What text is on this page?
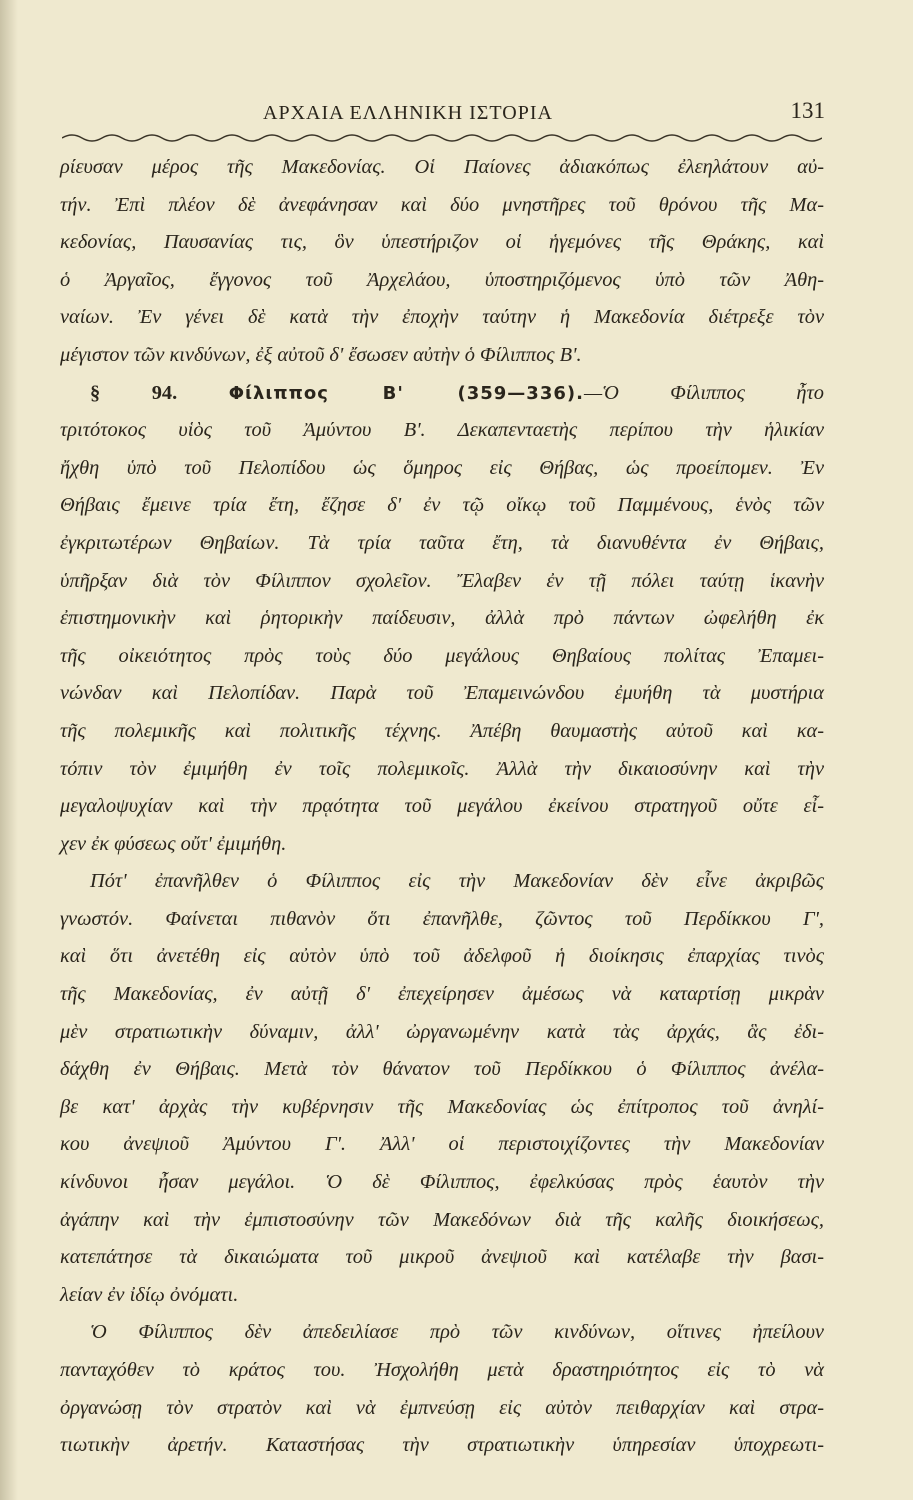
ΑΡΧΑΙΑ ΕΛΛΗΝΙΚΗ ΙΣΤΟΡΙΑ	131
ρίευσαν μέρος τῆς Μακεδονίας. Οἱ Παίονες ἀδιακόπως ἐλεηλάτουν αὐ-
τήν. Ἐπὶ πλέον δὲ ἀνεφάνησαν καὶ δύο μνηστῆρες τοῦ θρόνου τῆς Μα-
κεδονίας, Παυσανίας τις, ὃν ὑπεστήριζον οἱ ἡγεμόνες τῆς Θράκης, καὶ
ὁ Ἀργαῖος, ἔγγονος τοῦ Ἀρχελάου, ὑποστηριζόμενος ὑπὸ τῶν Ἀθη-
ναίων. Ἐν γένει δὲ κατὰ τὴν ἐποχὴν ταύτην ἡ Μακεδονία διέτρεξε τὸν
μέγιστον τῶν κινδύνων, ἐξ αὐτοῦ δ' ἔσωσεν αὐτὴν ὁ Φίλιππος Β'.
§ 94.	Φίλιππος Β' (359—336).—Ὁ Φίλιππος ἦτο
τριτότοκος υἱὸς τοῦ Ἀμύντου Β'. Δεκαπενταετὴς περίπου τὴν ἡλικίαν
ἤχθη ὑπὸ τοῦ Πελοπίδου ὡς ὅμηρος εἰς Θήβας, ὡς προείπομεν. Ἐν
Θήβαις ἔμεινε τρία ἔτη, ἔζησε δ' ἐν τῷ οἴκῳ τοῦ Παμμένους, ἑνὸς τῶν
ἐγκριτωτέρων Θηβαίων. Τὰ τρία ταῦτα ἔτη, τὰ διανυθέντα ἐν Θήβαις,
ὑπῆρξαν διὰ τὸν Φίλιππον σχολεῖον. Ἔλαβεν ἐν τῇ πόλει ταύτῃ ἱκανὴν
ἐπιστημονικὴν καὶ ῥητορικὴν παίδευσιν, ἀλλὰ πρὸ πάντων ὠφελήθη ἐκ
τῆς οἰκειότητος πρὸς τοὺς δύο μεγάλους Θηβαίους πολίτας Ἐπαμει-
νώνδαν καὶ Πελοπίδαν. Παρὰ τοῦ Ἐπαμεινώνδου ἐμυήθη τὰ μυστήρια
τῆς πολεμικῆς καὶ πολιτικῆς τέχνης. Ἀπέβη θαυμαστὴς αὐτοῦ καὶ κα-
τόπιν τὸν ἐμιμήθη ἐν τοῖς πολεμικοῖς. Ἀλλὰ τὴν δικαιοσύνην καὶ τὴν
μεγαλοψυχίαν καὶ τὴν πρᾳότητα τοῦ μεγάλου ἐκείνου στρατηγοῦ οὔτε εἶ-
χεν ἐκ φύσεως οὔτ' ἐμιμήθη.
Πότ' ἐπανῆλθεν ὁ Φίλιππος εἰς τὴν Μακεδονίαν δὲν εἶνε ἀκριβῶς
γνωστόν. Φαίνεται πιθανὸν ὅτι ἐπανῆλθε, ζῶντος τοῦ Περδίκκου Γ',
καὶ ὅτι ἀνετέθη εἰς αὐτὸν ὑπὸ τοῦ ἀδελφοῦ ἡ διοίκησις ἐπαρχίας τινὸς
τῆς Μακεδονίας, ἐν αὐτῇ δ' ἐπεχείρησεν ἀμέσως νὰ καταρτίσῃ μικρὰν
μὲν στρατιωτικὴν δύναμιν, ἀλλ' ὠργανωμένην κατὰ τὰς ἀρχάς, ἃς ἐδι-
δάχθη ἐν Θήβαις. Μετὰ τὸν θάνατον τοῦ Περδίκκου ὁ Φίλιππος ἀνέλα-
βε κατ' ἀρχὰς τὴν κυβέρνησιν τῆς Μακεδονίας ὡς ἐπίτροπος τοῦ ἀνηλί-
κου ἀνεψιοῦ Ἀμύντου Γ'. Ἀλλ' οἱ περιστοιχίζοντες τὴν Μακεδονίαν
κίνδυνοι ἦσαν μεγάλοι. Ὁ δὲ Φίλιππος, ἐφελκύσας πρὸς ἑαυτὸν τὴν
ἀγάπην καὶ τὴν ἐμπιστοσύνην τῶν Μακεδόνων διὰ τῆς καλῆς διοικήσεως,
κατεπάτησε τὰ δικαιώματα τοῦ μικροῦ ἀνεψιοῦ καὶ κατέλαβε τὴν βασι-
λείαν ἐν ἰδίῳ ὀνόματι.
Ὁ Φίλιππος δὲν ἀπεδειλίασε πρὸ τῶν κινδύνων, οἵτινες ἠπείλουν
πανταχόθεν τὸ κράτος του. Ἠσχολήθη μετὰ δραστηριότητος εἰς τὸ νὰ
ὀργανώσῃ τὸν στρατὸν καὶ νὰ ἐμπνεύσῃ εἰς αὐτὸν πειθαρχίαν καὶ στρα-
τιωτικὴν ἀρετήν. Καταστήσας τὴν στρατιωτικὴν ὑπηρεσίαν ὑποχρεωτι-
